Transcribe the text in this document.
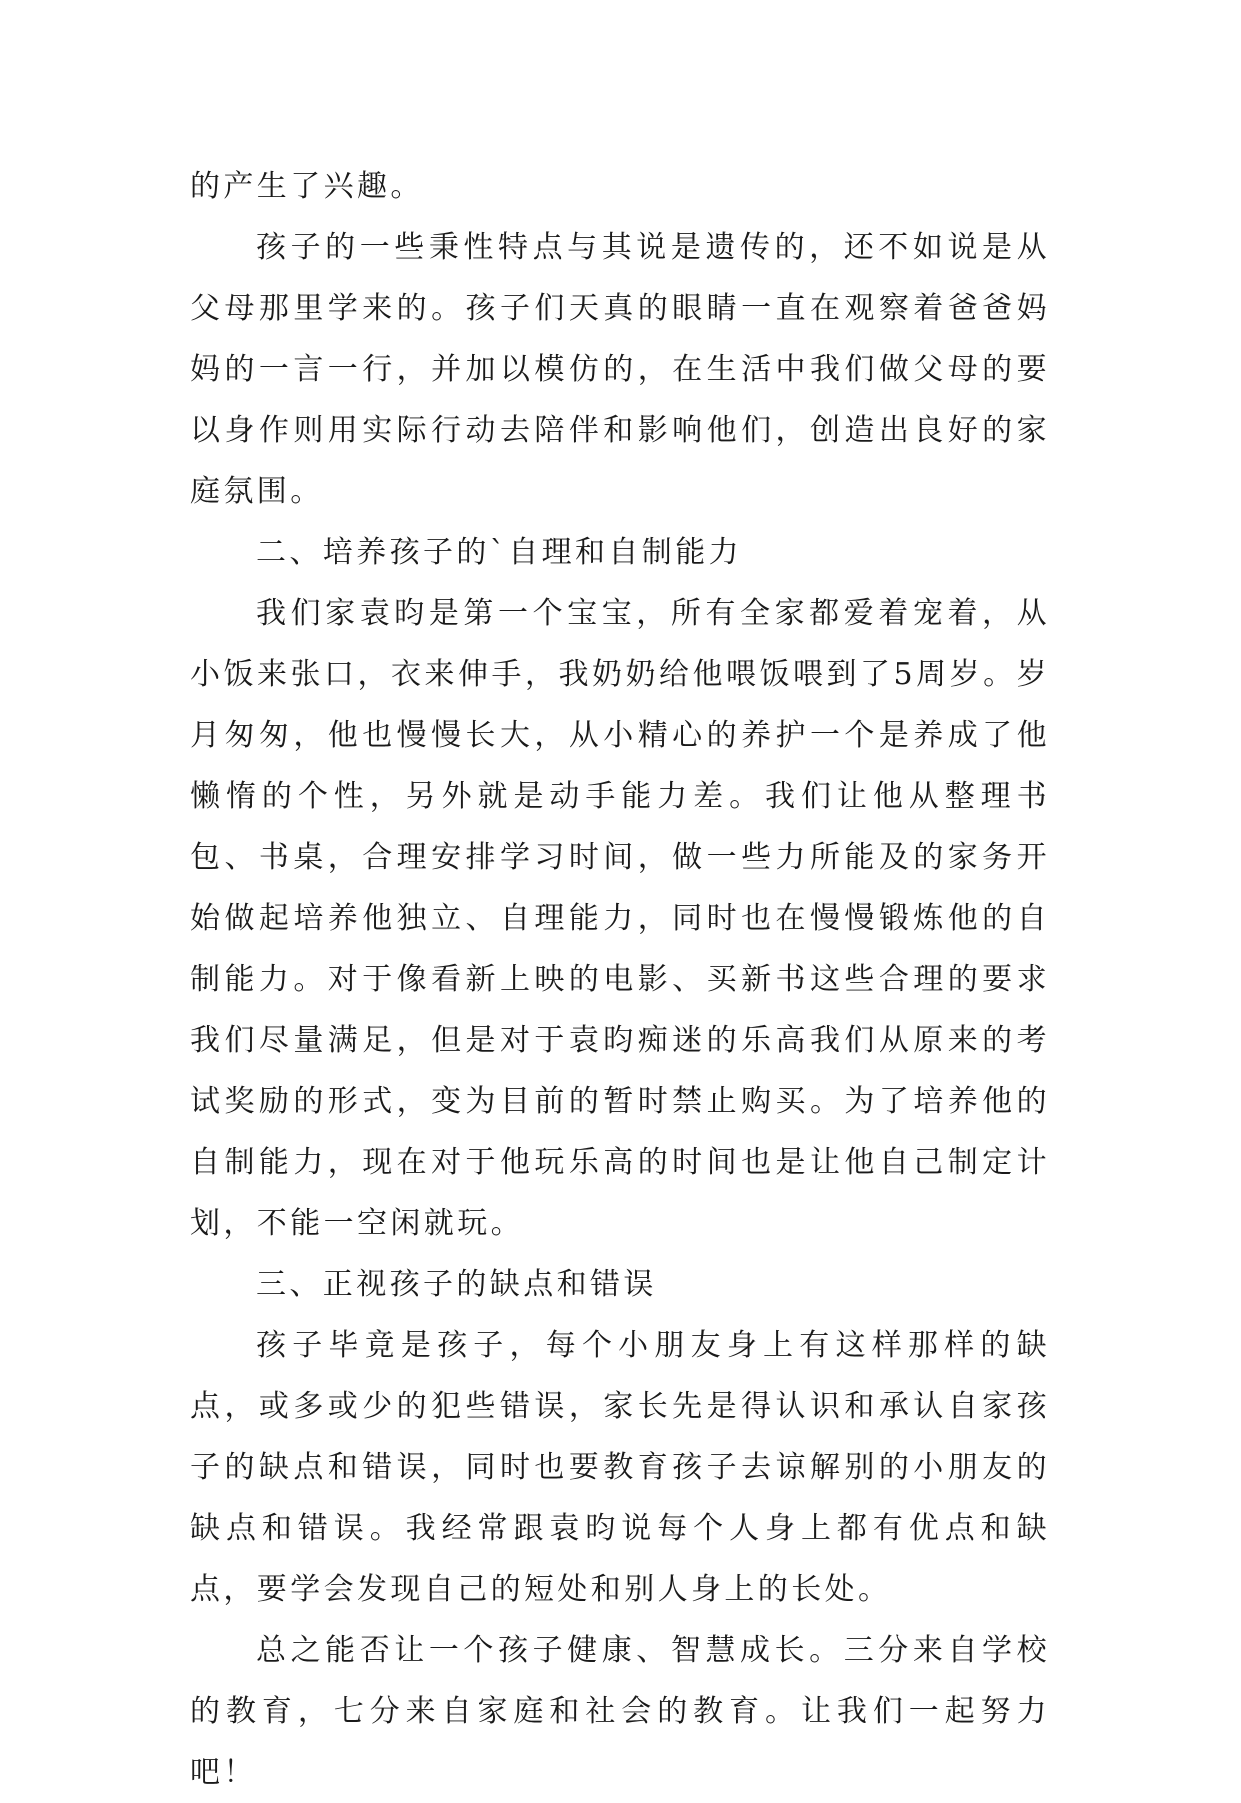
的产生了兴趣。

孩子的一些秉性特点与其说是遗传的，还不如说是从父母那里学来的。孩子们天真的眼睛一直在观察着爸爸妈妈的一言一行，并加以模仿的，在生活中我们做父母的要以身作则用实际行动去陪伴和影响他们，创造出良好的家庭氛围。

二、培养孩子的`自理和自制能力

我们家袁昀是第一个宝宝，所有全家都爱着宠着，从小饭来张口，衣来伸手，我奶奶给他喂饭喂到了5周岁。岁月匆匆，他也慢慢长大，从小精心的养护一个是养成了他懒惰的个性，另外就是动手能力差。我们让他从整理书包、书桌，合理安排学习时间，做一些力所能及的家务开始做起培养他独立、自理能力，同时也在慢慢锻炼他的自制能力。对于像看新上映的电影、买新书这些合理的要求我们尽量满足，但是对于袁昀痴迷的乐高我们从原来的考试奖励的形式，变为目前的暂时禁止购买。为了培养他的自制能力，现在对于他玩乐高的时间也是让他自己制定计划，不能一空闲就玩。

三、正视孩子的缺点和错误

孩子毕竟是孩子，每个小朋友身上有这样那样的缺点，或多或少的犯些错误，家长先是得认识和承认自家孩子的缺点和错误，同时也要教育孩子去谅解别的小朋友的缺点和错误。我经常跟袁昀说每个人身上都有优点和缺点，要学会发现自己的短处和别人身上的长处。

总之能否让一个孩子健康、智慧成长。三分来自学校的教育，七分来自家庭和社会的教育。让我们一起努力吧！
